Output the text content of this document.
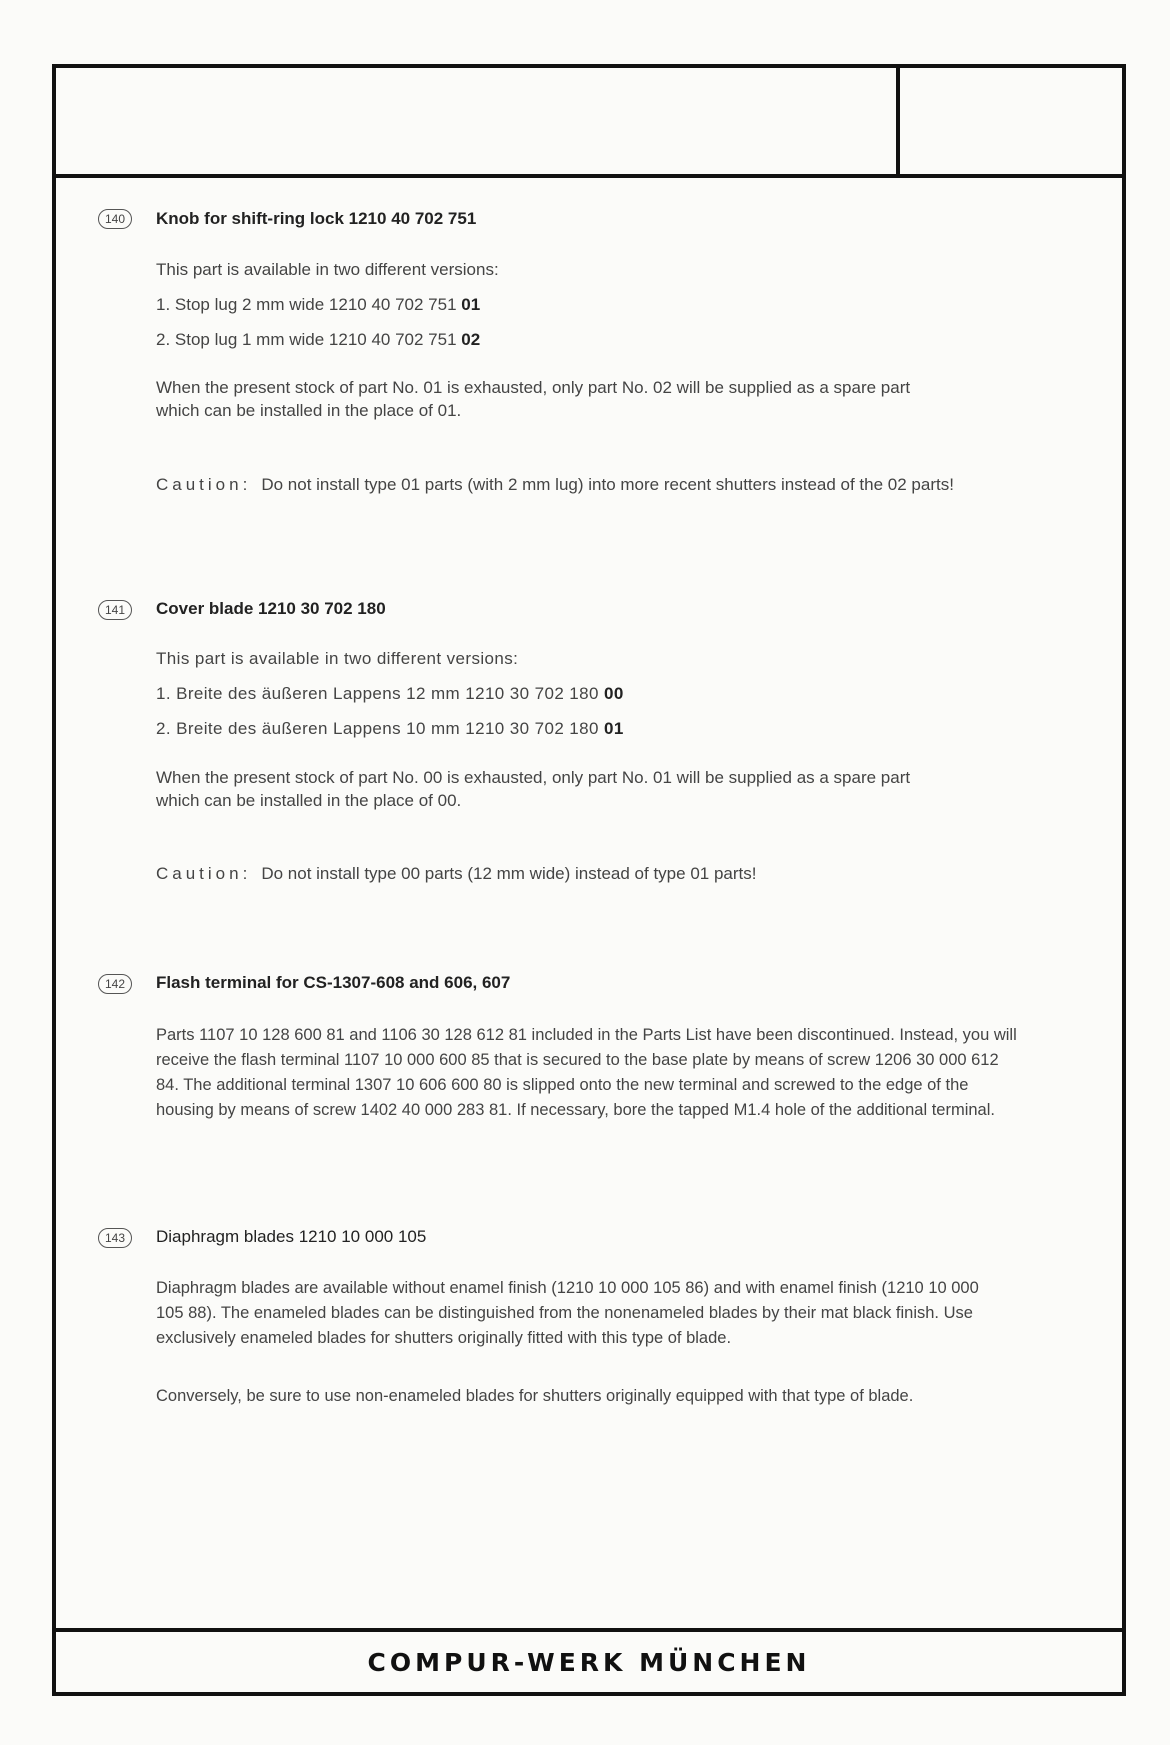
140	Knob for shift-ring lock 1210 40 702 751

This part is available in two different versions:

1. Stop lug 2 mm wide 1210 40 702 751 01

2. Stop lug 1 mm wide 1210 40 702 751 02

When the present stock of part No. 01 is exhausted, only part No. 02 will be supplied as a spare part which can be installed in the place of 01.

Caution: Do not install type 01 parts (with 2 mm lug) into more recent shutters instead of the 02 parts!

141	Cover blade 1210 30 702 180

This part is available in two different versions:

1. Breite des äußeren Lappens 12 mm 1210 30 702 180 00

2. Breite des äußeren Lappens 10 mm 1210 30 702 180 01

When the present stock of part No. 00 is exhausted, only part No. 01 will be supplied as a spare part which can be installed in the place of 00.

Caution: Do not install type 00 parts (12 mm wide) instead of type 01 parts!

142	Flash terminal for CS-1307-608 and 606, 607

Parts 1107 10 128 600 81 and 1106 30 128 612 81 included in the Parts List have been discontinued. Instead, you will receive the flash terminal 1107 10 000 600 85 that is secured to the base plate by means of screw 1206 30 000 612 84. The additional terminal 1307 10 606 600 80 is slipped onto the new terminal and screwed to the edge of the housing by means of screw 1402 40 000 283 81. If necessary, bore the tapped M1.4 hole of the additional terminal.

143	Diaphragm blades 1210 10 000 105

Diaphragm blades are available without enamel finish (1210 10 000 105 86) and with enamel finish (1210 10 000 105 88). The enameled blades can be distinguished from the nonenameled blades by their mat black finish. Use exclusively enameled blades for shutters originally fitted with this type of blade.

Conversely, be sure to use non-enameled blades for shutters originally equipped with that type of blade.

COMPUR-WERK MÜNCHEN
